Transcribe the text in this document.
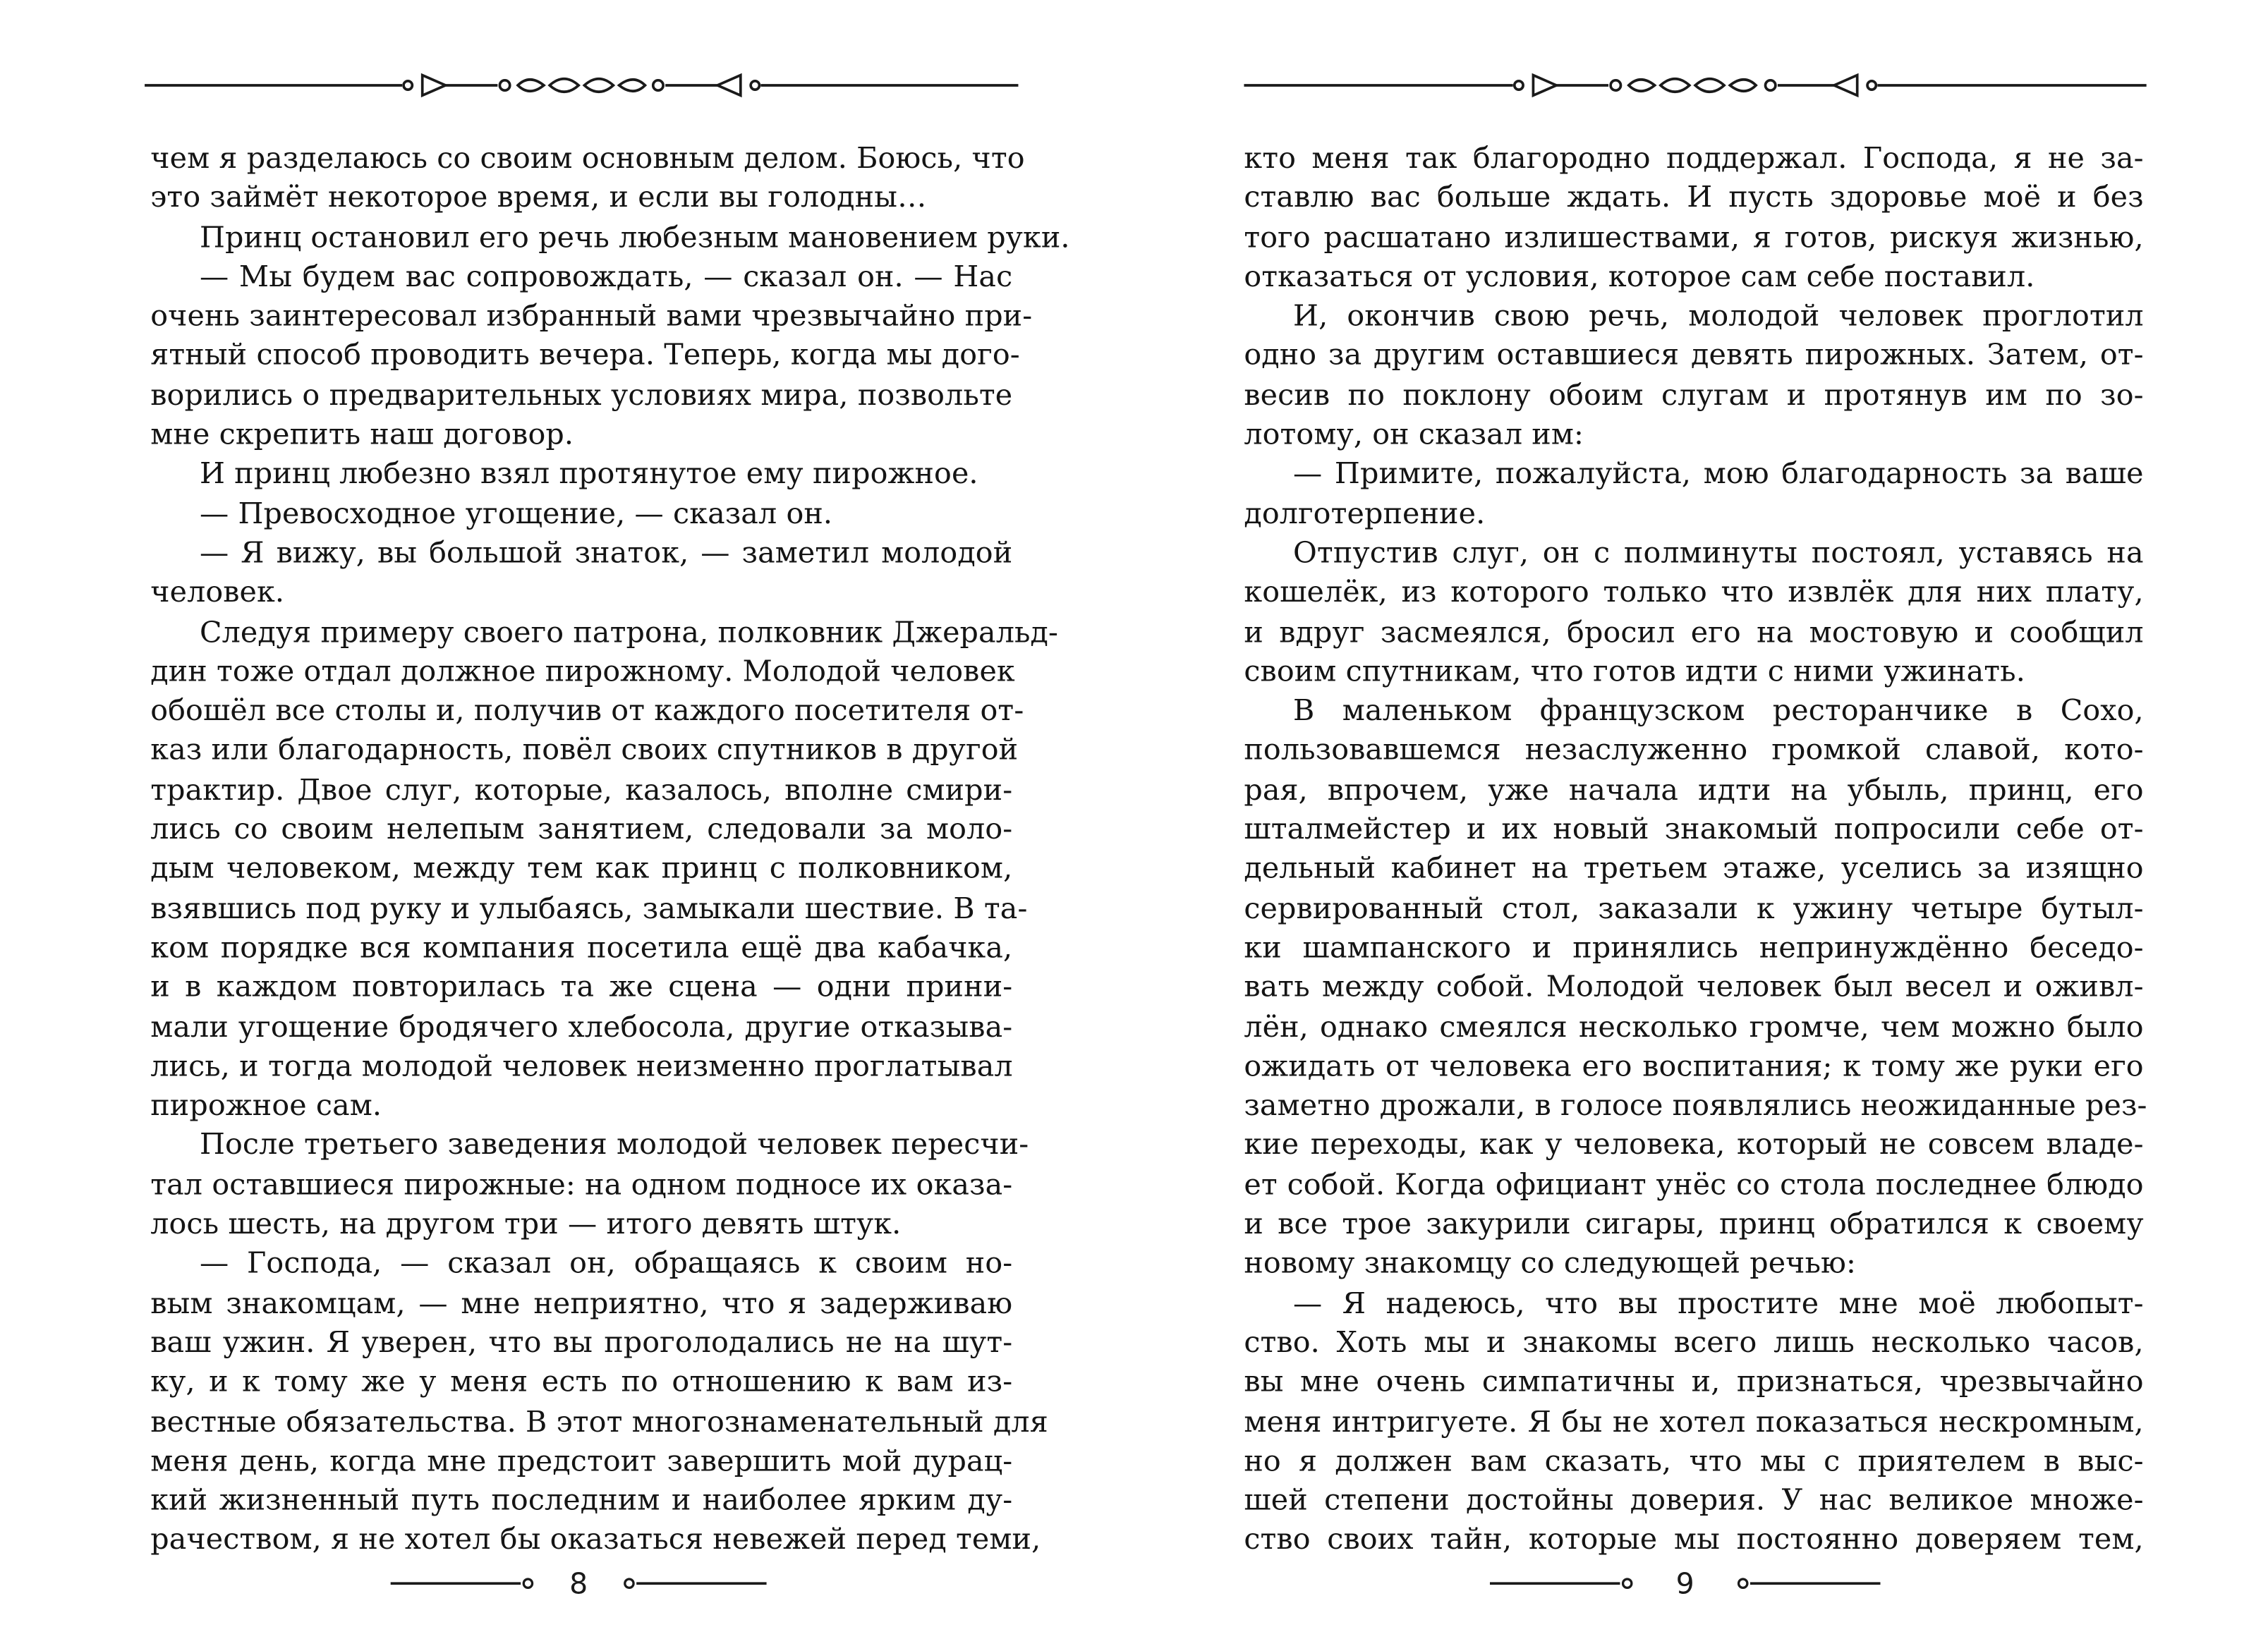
чем я разделаюсь со своим основным делом. Боюсь, что
это займёт некоторое время, и если вы голодны…

Принц остановил его речь любезным мановением руки.

— Мы будем вас сопровождать, — сказал он. — Нас
очень заинтересовал избранный вами чрезвычайно при-
ятный способ проводить вечера. Теперь, когда мы дого-
ворились о предварительных условиях мира, позвольте
мне скрепить наш договор.

И принц любезно взял протянутое ему пирожное.

— Превосходное угощение, — сказал он.

— Я вижу, вы большой знаток, — заметил молодой
человек.

Следуя примеру своего патрона, полковник Джеральд-
дин тоже отдал должное пирожному. Молодой человек
обошёл все столы и, получив от каждого посетителя от-
каз или благодарность, повёл своих спутников в другой
трактир. Двое слуг, которые, казалось, вполне смири-
лись со своим нелепым занятием, следовали за моло-
дым человеком, между тем как принц с полковником,
взявшись под руку и улыбаясь, замыкали шествие. В та-
ком порядке вся компания посетила ещё два кабачка,
и в каждом повторилась та же сцена — одни прини-
мали угощение бродячего хлебосола, другие отказыва-
лись, и тогда молодой человек неизменно проглатывал
пирожное сам.

После третьего заведения молодой человек пересчи-
тал оставшиеся пирожные: на одном подносе их оказа-
лось шесть, на другом три — итого девять штук.

— Господа, — сказал он, обращаясь к своим но-
вым знакомцам, — мне неприятно, что я задерживаю
ваш ужин. Я уверен, что вы проголодались не на шут-
ку, и к тому же у меня есть по отношению к вам из-
вестные обязательства. В этот многознаменательный для
меня день, когда мне предстоит завершить мой дурац-
кий жизненный путь последним и наиболее ярким ду-
рачеством, я не хотел бы оказаться невежей перед теми,

8

кто меня так благородно поддержал. Господа, я не за-
ставлю вас больше ждать. И пусть здоровье моё и без
того расшатано излишествами, я готов, рискуя жизнью,
отказаться от условия, которое сам себе поставил.

И, окончив свою речь, молодой человек проглотил
одно за другим оставшиеся девять пирожных. Затем, от-
весив по поклону обоим слугам и протянув им по зо-
лотому, он сказал им:

— Примите, пожалуйста, мою благодарность за ваше
долготерпение.

Отпустив слуг, он с полминуты постоял, уставясь на
кошелёк, из которого только что извлёк для них плату,
и вдруг засмеялся, бросил его на мостовую и сообщил
своим спутникам, что готов идти с ними ужинать.

В маленьком французском ресторанчике в Сохо,
пользовавшемся незаслуженно громкой славой, кото-
рая, впрочем, уже начала идти на убыль, принц, его
шталмейстер и их новый знакомый попросили себе от-
дельный кабинет на третьем этаже, уселись за изящно
сервированный стол, заказали к ужину четыре бутыл-
ки шампанского и принялись непринуждённо беседо-
вать между собой. Молодой человек был весел и оживл-
лён, однако смеялся несколько громче, чем можно было
ожидать от человека его воспитания; к тому же руки его
заметно дрожали, в голосе появлялись неожиданные рез-
кие переходы, как у человека, который не совсем владе-
ет собой. Когда официант унёс со стола последнее блюдо
и все трое закурили сигары, принц обратился к своему
новому знакомцу со следующей речью:

— Я надеюсь, что вы простите мне моё любопыт-
ство. Хоть мы и знакомы всего лишь несколько часов,
вы мне очень симпатичны и, признаться, чрезвычайно
меня интригуете. Я бы не хотел показаться нескромным,
но я должен вам сказать, что мы с приятелем в выс-
шей степени достойны доверия. У нас великое множе-
ство своих тайн, которые мы постоянно доверяем тем,

9
